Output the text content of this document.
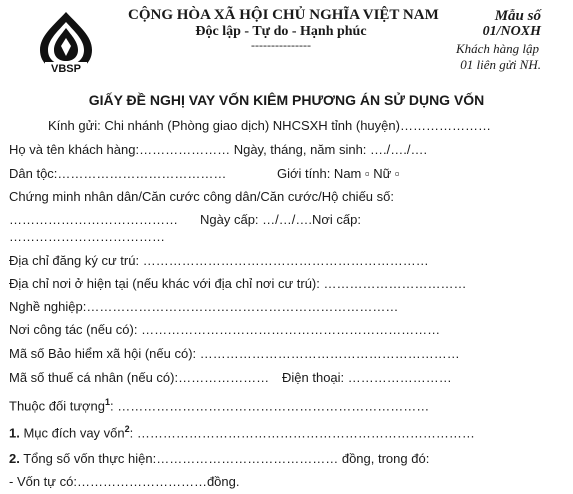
VBSP
CỘNG HÒA XÃ HỘI CHỦ NGHĨA VIỆT NAM
Độc lập - Tự do - Hạnh phúc
---------------
Mẫu số
01/NOXH
Khách hàng lập
01 liên gửi NH.
GIẤY ĐỀ NGHỊ VAY VỐN KIÊM PHƯƠNG ÁN SỬ DỤNG VỐN
Kính gửi: Chi nhánh (Phòng giao dịch) NHCSXH tỉnh (huyện)…………………
Họ và tên khách hàng:………………… Ngày, tháng, năm sinh: …./…./….
Dân tộc:…………………………………	Giới tính: Nam ▫ Nữ ▫
Chứng minh nhân dân/Căn cước công dân/Căn cước/Hộ chiếu số:
………………………………… Ngày cấp: …/…/….Nơi cấp:
………………………………
Địa chỉ đăng ký cư trú: …………………………………………………………
Địa chỉ nơi ở hiện tại (nếu khác với địa chỉ nơi cư trú): ……………………………
Nghề nghiệp:………………………………………………………………
Nơi công tác (nếu có): ……………………………………………………………
Mã số Bảo hiểm xã hội (nếu có): ……………………………………………………
Mã số thuế cá nhân (nếu có):………………… Điện thoại: ……………………
Thuộc đối tượng$^1$: ………………………………………………………………
1. Mục đích vay vốn$^2$: ……………………………………………………………………
2. Tổng số vốn thực hiện:…………………………………… đồng, trong đó:
- Vốn tự có:…………………………đồng.
